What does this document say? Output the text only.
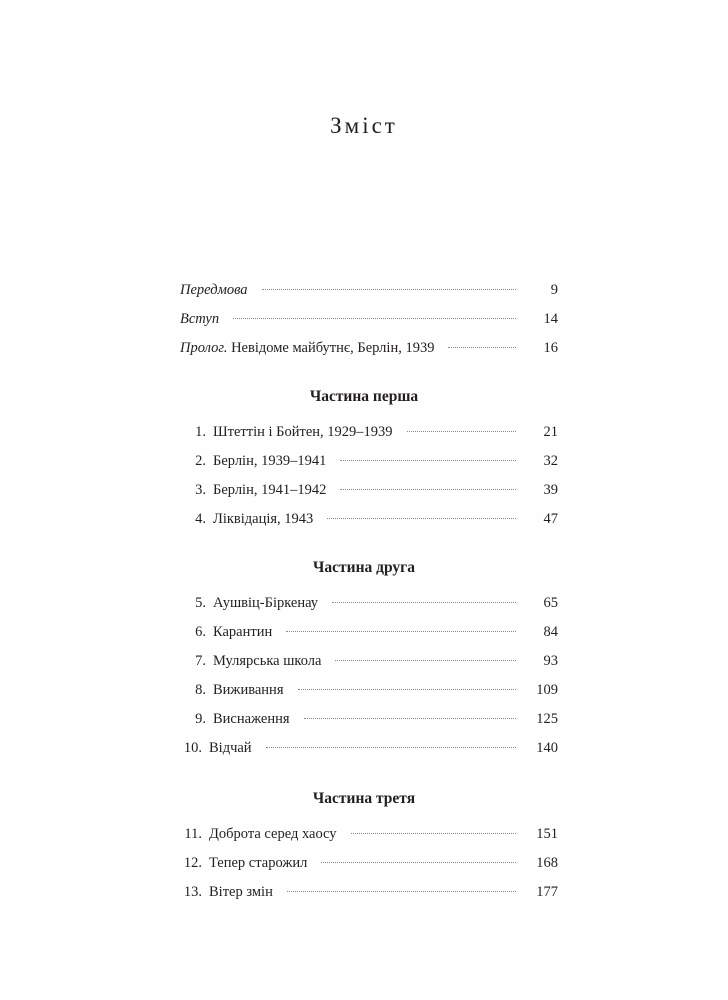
Зміст
Передмова	9
Вступ	14
Пролог. Невідоме майбутнє, Берлін, 1939	16
Частина перша
1. Штеттін і Бойтен, 1929–1939	21
2. Берлін, 1939–1941	32
3. Берлін, 1941–1942	39
4. Ліквідація, 1943	47
Частина друга
5. Аушвіц-Біркенау	65
6. Карантин	84
7. Мулярська школа	93
8. Виживання	109
9. Виснаження	125
10. Відчай	140
Частина третя
11. Доброта серед хаосу	151
12. Тепер старожил	168
13. Вітер змін	177
